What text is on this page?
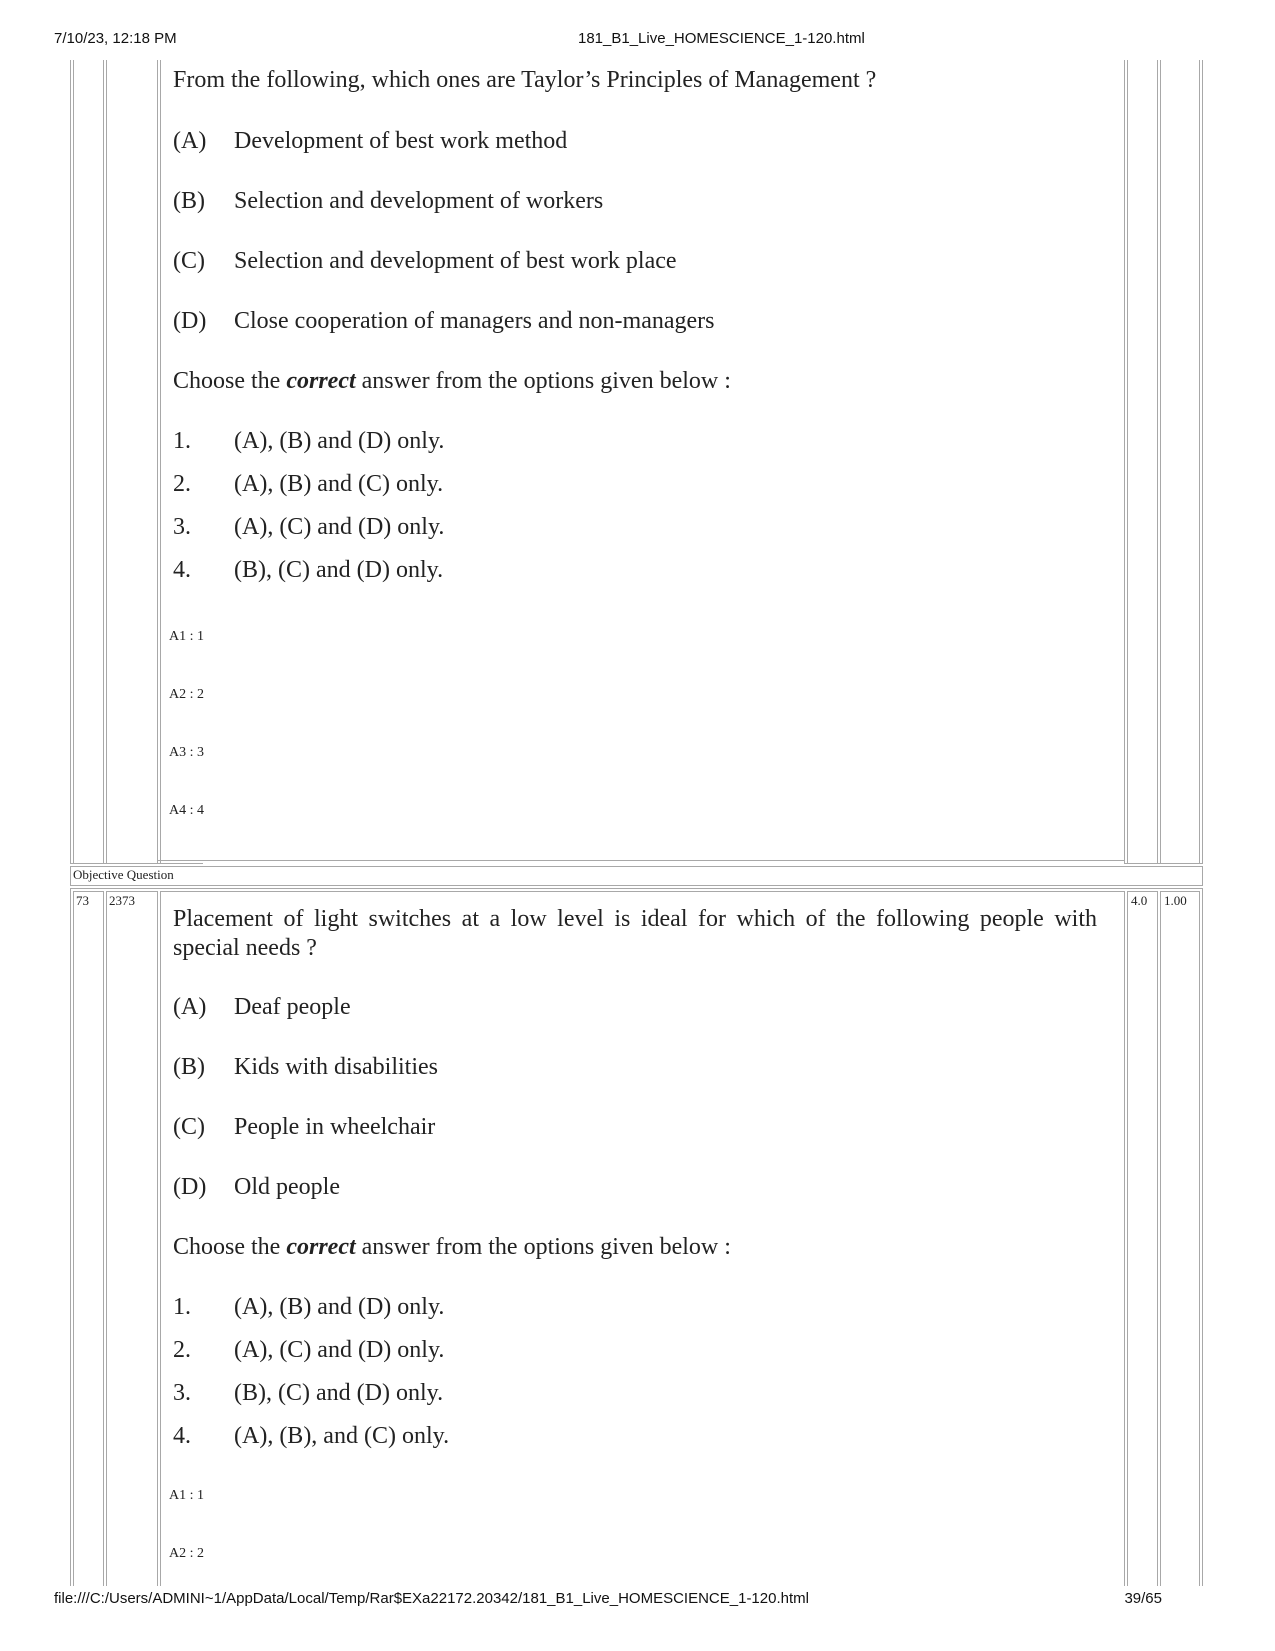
7/10/23, 12:18 PM	181_B1_Live_HOMESCIENCE_1-120.html
file:///C:/Users/ADMINI~1/AppData/Local/Temp/Rar$EXa22172.20342/181_B1_Live_HOMESCIENCE_1-120.html	39/65
From the following, which ones are Taylor’s Principles of Management ?
(A) Development of best work method
(B) Selection and development of workers
(C) Selection and development of best work place
(D) Close cooperation of managers and non-managers
Choose the correct answer from the options given below :
1. (A), (B) and (D) only.
2. (A), (B) and (C) only.
3. (A), (C) and (D) only.
4. (B), (C) and (D) only.
A1 : 1
A2 : 2
A3 : 3
A4 : 4
Objective Question
73 2373	4.0 1.00
Placement of light switches at a low level is ideal for which of the following people with special needs ?
(A) Deaf people
(B) Kids with disabilities
(C) People in wheelchair
(D) Old people
Choose the correct answer from the options given below :
1. (A), (B) and (D) only.
2. (A), (C) and (D) only.
3. (B), (C) and (D) only.
4. (A), (B), and (C) only.
A1 : 1
A2 : 2
